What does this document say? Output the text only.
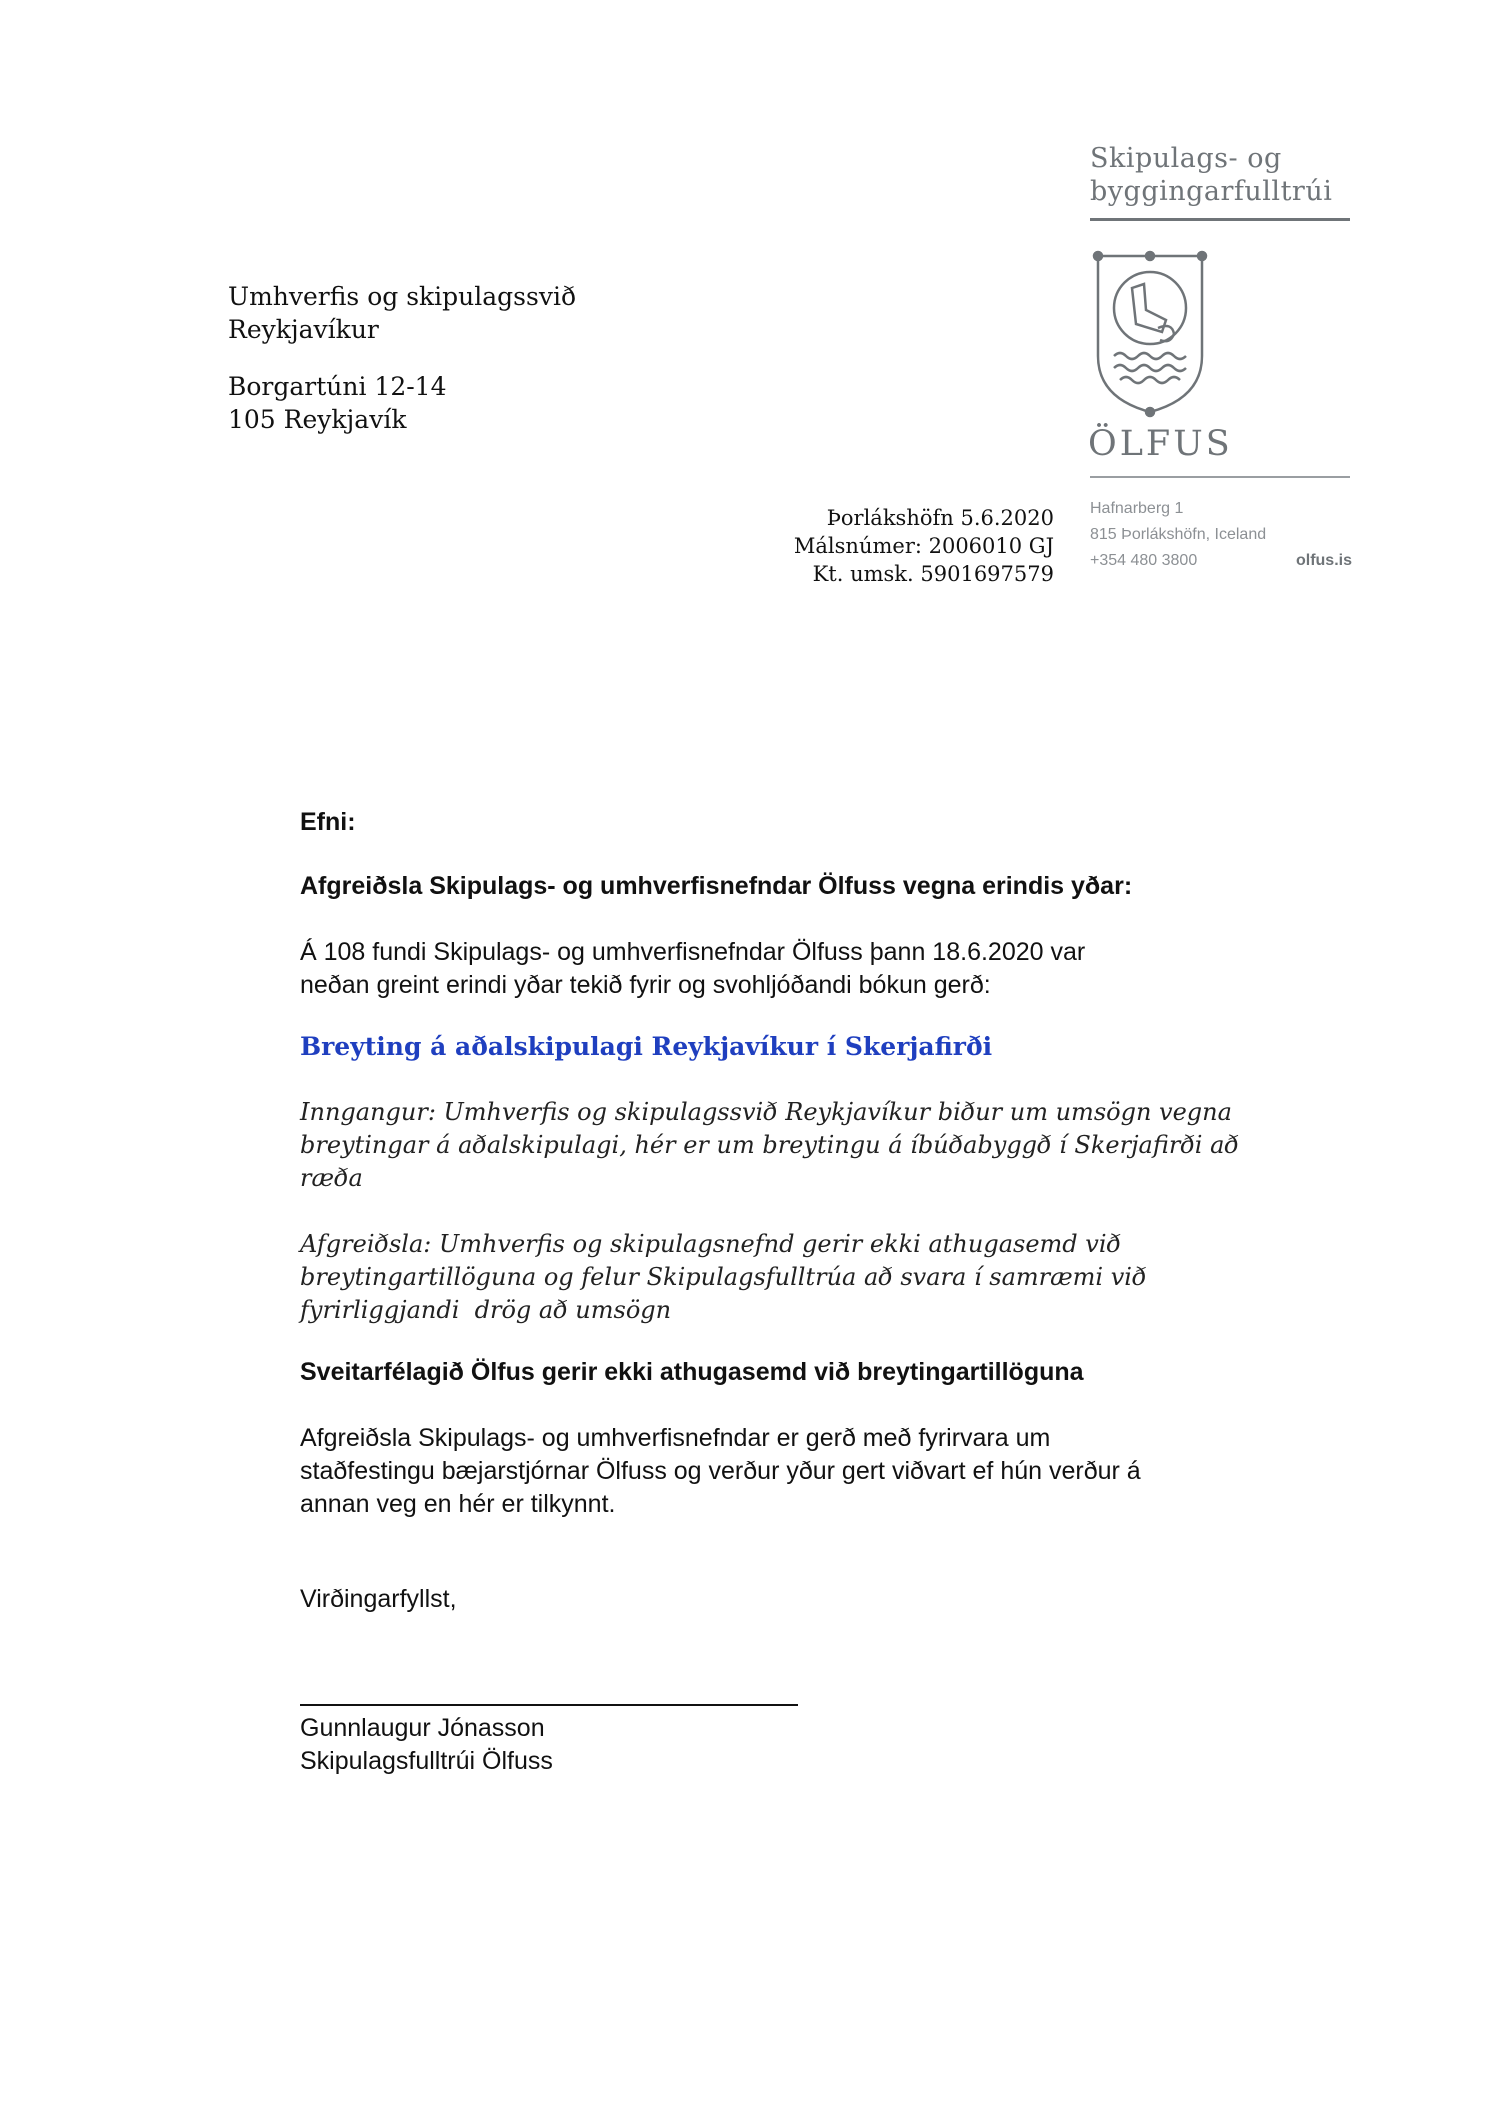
Skipulags- og
byggingarfulltrúi
ÖLFUS
Hafnarberg 1
815 Þorlákshöfn, Iceland
+354 480 3800	olfus.is
Umhverfis og skipulagssvið
Reykjavíkur
Borgartúni 12-14
105 Reykjavík
Þorlákshöfn 5.6.2020
Málsnúmer: 2006010 GJ
Kt. umsk. 5901697579
Efni:
Afgreiðsla Skipulags- og umhverfisnefndar Ölfuss vegna erindis yðar:
Á 108 fundi Skipulags- og umhverfisnefndar Ölfuss þann 18.6.2020 var
neðan greint erindi yðar tekið fyrir og svohljóðandi bókun gerð:
Breyting á aðalskipulagi Reykjavíkur í Skerjafirði
Inngangur: Umhverfis og skipulagssvið Reykjavíkur biður um umsögn vegna
breytingar á aðalskipulagi, hér er um breytingu á íbúðabyggð í Skerjafirði að
ræða
Afgreiðsla: Umhverfis og skipulagsnefnd gerir ekki athugasemd við
breytingartillöguna og felur Skipulagsfulltrúa að svara í samræmi við
fyrirliggjandi  drög að umsögn
Sveitarfélagið Ölfus gerir ekki athugasemd við breytingartillöguna
Afgreiðsla Skipulags- og umhverfisnefndar er gerð með fyrirvara um
staðfestingu bæjarstjórnar Ölfuss og verður yður gert viðvart ef hún verður á
annan veg en hér er tilkynnt.
Virðingarfyllst,
Gunnlaugur Jónasson
Skipulagsfulltrúi Ölfuss
